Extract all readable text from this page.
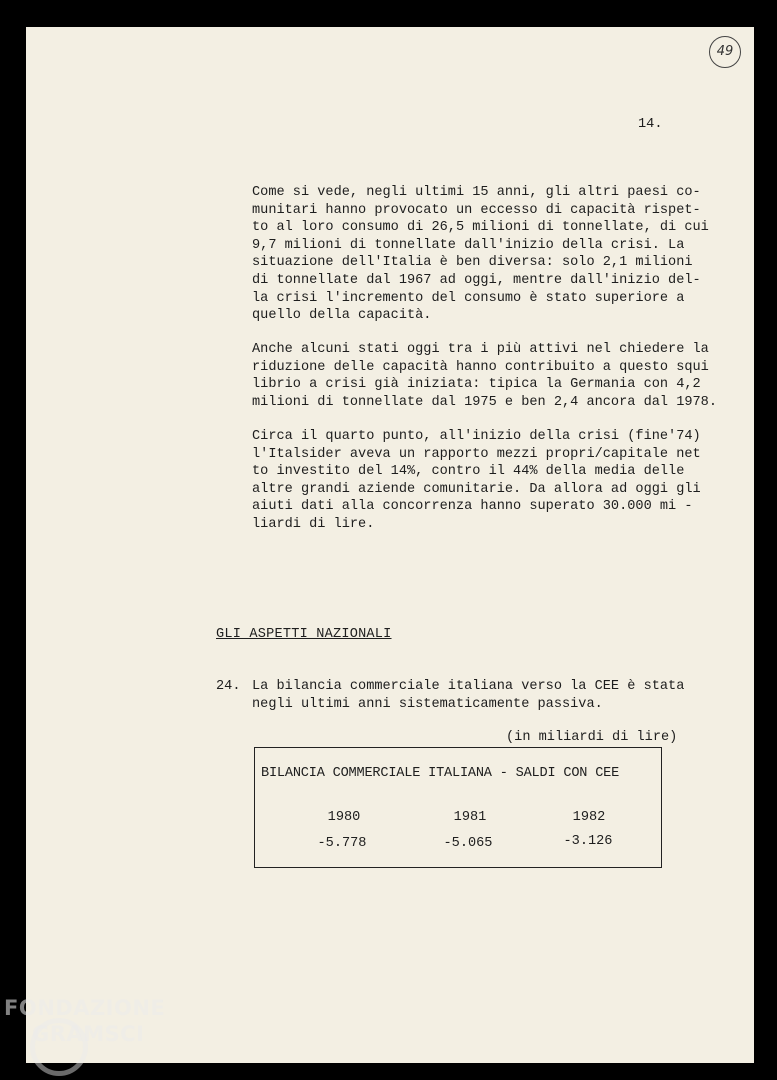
49
14.

Come si vede, negli ultimi 15 anni, gli altri paesi co-
munitari hanno provocato un eccesso di capacità rispet-
to al loro consumo di 26,5 milioni di tonnellate, di cui
9,7 milioni di tonnellate dall'inizio della crisi. La
situazione dell'Italia è ben diversa: solo 2,1 milioni
di tonnellate dal 1967 ad oggi, mentre dall'inizio del-
la crisi l'incremento del consumo è stato superiore a
quello della capacità.

Anche alcuni stati oggi tra i più attivi nel chiedere la
riduzione delle capacità hanno contribuito a questo squi
librio a crisi già iniziata: tipica la Germania con 4,2
milioni di tonnellate dal 1975 e ben 2,4 ancora dal 1978.

Circa il quarto punto, all'inizio della crisi (fine'74)
l'Italsider aveva un rapporto mezzi propri/capitale net
to investito del 14%, contro il 44% della media delle
altre grandi aziende comunitarie. Da allora ad oggi gli
aiuti dati alla concorrenza hanno superato 30.000 mi -
liardi di lire.

GLI ASPETTI NAZIONALI
24. La bilancia commerciale italiana verso la CEE è stata
negli ultimi anni sistematicamente passiva.
(in miliardi di lire)
BILANCIA COMMERCIALE ITALIANA - SALDI CON CEE
1980	1981	1982
-5.778	-5.065	-3.126
FONDAZIONE
GRAMSCI
